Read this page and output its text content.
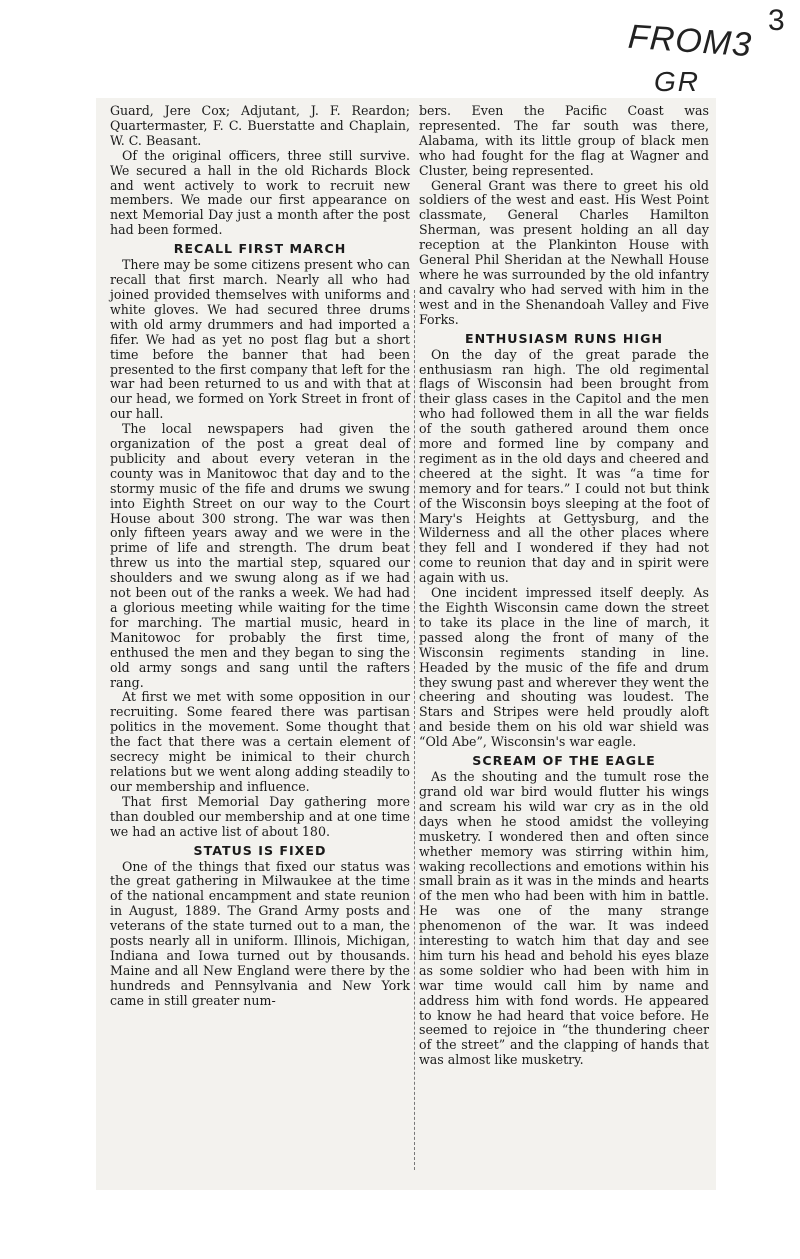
FROM3 3
GR

Guard, Jere Cox; Adjutant, J. F. Reardon; Quartermaster, F. C. Buerstatte and Chaplain, W. C. Beasant.

Of the original officers, three still survive. We secured a hall in the old Richards Block and went actively to work to recruit new members. We made our first appearance on next Memorial Day just a month after the post had been formed.

RECALL FIRST MARCH

There may be some citizens present who can recall that first march. Nearly all who had joined provided themselves with uniforms and white gloves. We had secured three drums with old army drummers and had imported a fifer. We had as yet no post flag but a short time before the banner that had been presented to the first company that left for the war had been returned to us and with that at our head, we formed on York Street in front of our hall.

The local newspapers had given the organization of the post a great deal of publicity and about every veteran in the county was in Manitowoc that day and to the stormy music of the fife and drums we swung into Eighth Street on our way to the Court House about 300 strong. The war was then only fifteen years away and we were in the prime of life and strength. The drum beat threw us into the martial step, squared our shoulders and we swung along as if we had not been out of the ranks a week. We had had a glorious meeting while waiting for the time for marching. The martial music, heard in Manitowoc for probably the first time, enthused the men and they began to sing the old army songs and sang until the rafters rang.

At first we met with some opposition in our recruiting. Some feared there was partisan politics in the movement. Some thought that the fact that there was a certain element of secrecy might be inimical to their church relations but we went along adding steadily to our membership and influence.

That first Memorial Day gathering more than doubled our membership and at one time we had an active list of about 180.

STATUS IS FIXED

One of the things that fixed our status was the great gathering in Milwaukee at the time of the national encampment and state reunion in August, 1889. The Grand Army posts and veterans of the state turned out to a man, the posts nearly all in uniform. Illinois, Michigan, Indiana and Iowa turned out by thousands. Maine and all New England were there by the hundreds and Pennsylvania and New York came in still greater num-

bers. Even the Pacific Coast was represented. The far south was there, Alabama, with its little group of black men who had fought for the flag at Wagner and Cluster, being represented.

General Grant was there to greet his old soldiers of the west and east. His West Point classmate, General Charles Hamilton Sherman, was present holding an all day reception at the Plankinton House with General Phil Sheridan at the Newhall House where he was surrounded by the old infantry and cavalry who had served with him in the west and in the Shenandoah Valley and Five Forks.

ENTHUSIASM RUNS HIGH

On the day of the great parade the enthusiasm ran high. The old regimental flags of Wisconsin had been brought from their glass cases in the Capitol and the men who had followed them in all the war fields of the south gathered around them once more and formed line by company and regiment as in the old days and cheered and cheered at the sight. It was “a time for memory and for tears.” I could not but think of the Wisconsin boys sleeping at the foot of Mary's Heights at Gettysburg, and the Wilderness and all the other places where they fell and I wondered if they had not come to reunion that day and in spirit were again with us.

One incident impressed itself deeply. As the Eighth Wisconsin came down the street to take its place in the line of march, it passed along the front of many of the Wisconsin regiments standing in line. Headed by the music of the fife and drum they swung past and wherever they went the cheering and shouting was loudest. The Stars and Stripes were held proudly aloft and beside them on his old war shield was “Old Abe”, Wisconsin's war eagle.

SCREAM OF THE EAGLE

As the shouting and the tumult rose the grand old war bird would flutter his wings and scream his wild war cry as in the old days when he stood amidst the volleying musketry. I wondered then and often since whether memory was stirring within him, waking recollections and emotions within his small brain as it was in the minds and hearts of the men who had been with him in battle. He was one of the many strange phenomenon of the war. It was indeed interesting to watch him that day and see him turn his head and behold his eyes blaze as some soldier who had been with him in war time would call him by name and address him with fond words. He appeared to know he had heard that voice before. He seemed to rejoice in “the thundering cheer of the street” and the clapping of hands that was almost like musketry.
